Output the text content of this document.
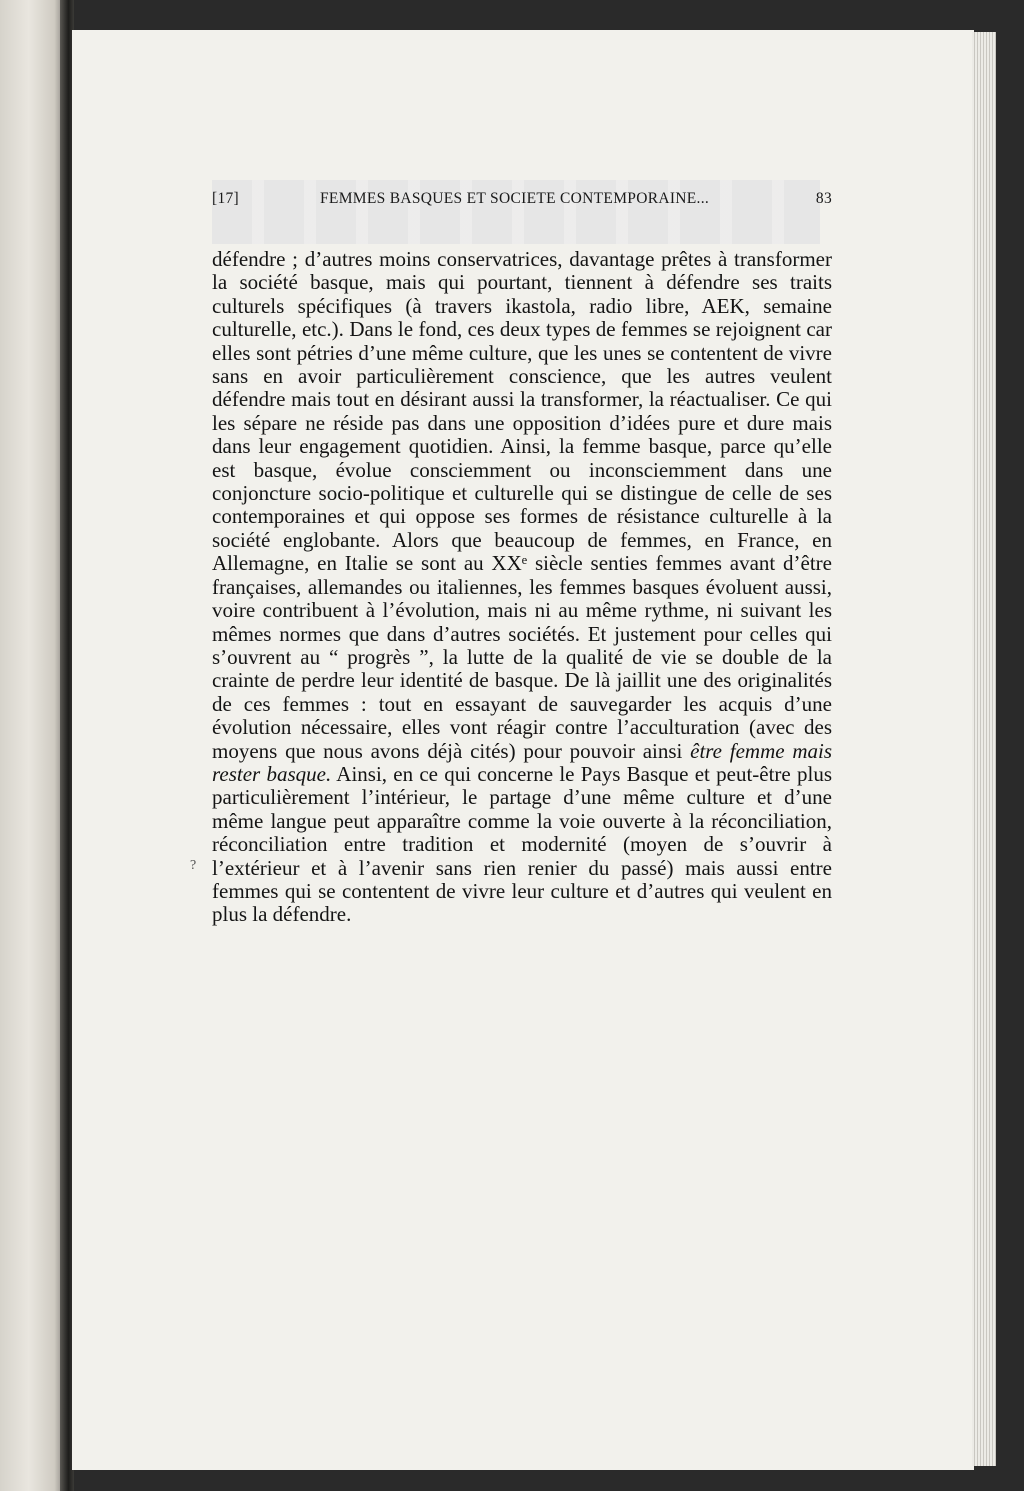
[17]	FEMMES BASQUES ET SOCIETE CONTEMPORAINE...	83

défendre ; d’autres moins conservatrices, davantage prêtes à transformer la société basque, mais qui pourtant, tiennent à défendre ses traits culturels spécifiques (à travers ikastola, radio libre, AEK, semaine culturelle, etc.). Dans le fond, ces deux types de femmes se rejoignent car elles sont pétries d’une même culture, que les unes se contentent de vivre sans en avoir particulièrement conscience, que les autres veulent défendre mais tout en désirant aussi la transformer, la réactualiser. Ce qui les sépare ne réside pas dans une opposition d’idées pure et dure mais dans leur engagement quotidien. Ainsi, la femme basque, parce qu’elle est basque, évolue consciemment ou inconsciemment dans une conjoncture socio-politique et culturelle qui se distingue de celle de ses contemporaines et qui oppose ses formes de résistance culturelle à la société englobante. Alors que beaucoup de femmes, en France, en Allemagne, en Italie se sont au XXᵉ siècle senties femmes avant d’être françaises, allemandes ou italiennes, les femmes basques évoluent aussi, voire contribuent à l’évolution, mais ni au même rythme, ni suivant les mêmes normes que dans d’autres sociétés. Et justement pour celles qui s’ouvrent au “ progrès ”, la lutte de la qualité de vie se double de la crainte de perdre leur identité de basque. De là jaillit une des originalités de ces femmes : tout en essayant de sauvegarder les acquis d’une évolution nécessaire, elles vont réagir contre l’acculturation (avec des moyens que nous avons déjà cités) pour pouvoir ainsi être femme mais rester basque. Ainsi, en ce qui concerne le Pays Basque et peut-être plus particulièrement l’intérieur, le partage d’une même culture et d’une même langue peut apparaître comme la voie ouverte à la réconciliation, réconciliation entre tradition et modernité (moyen de s’ouvrir à l’extérieur et à l’avenir sans rien renier du passé) mais aussi entre femmes qui se contentent de vivre leur culture et d’autres qui veulent en plus la défendre.

?
